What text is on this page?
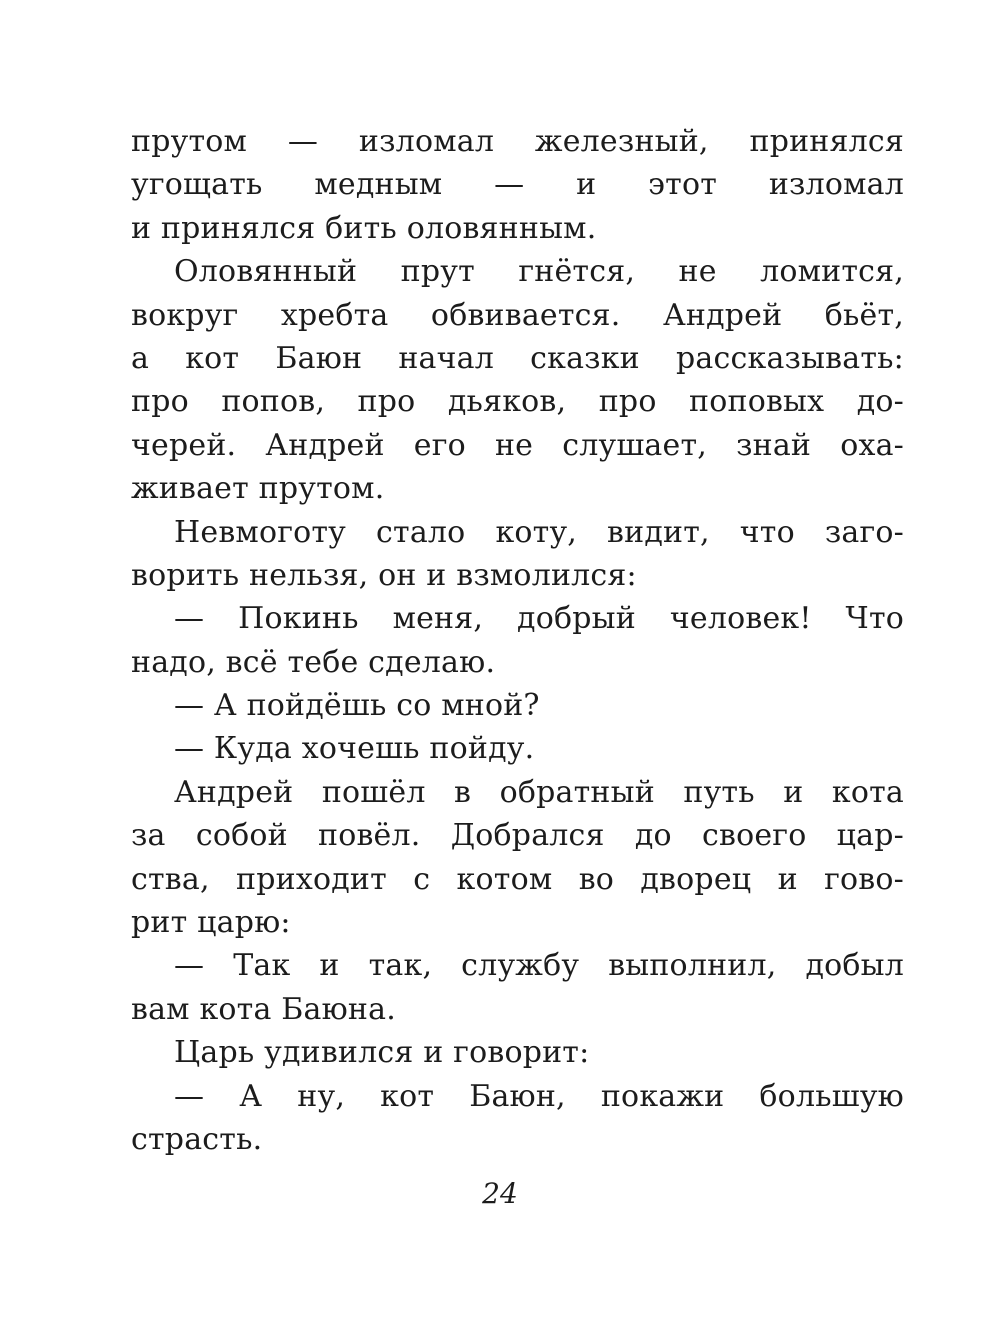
прутом — изломал железный, принялся
угощать медным — и этот изломал
и принялся бить оловянным.
Оловянный прут гнётся, не ломится,
вокруг хребта обвивается. Андрей бьёт,
а кот Баюн начал сказки рассказывать:
про попов, про дьяков, про поповых до-
черей. Андрей его не слушает, знай оха-
живает прутом.
Невмоготу стало коту, видит, что заго-
ворить нельзя, он и взмолился:
— Покинь меня, добрый человек! Что
надо, всё тебе сделаю.
— А пойдёшь со мной?
— Куда хочешь пойду.
Андрей пошёл в обратный путь и кота
за собой повёл. Добрался до своего цар-
ства, приходит с котом во дворец и гово-
рит царю:
— Так и так, службу выполнил, добыл
вам кота Баюна.
Царь удивился и говорит:
— А ну, кот Баюн, покажи большую
страсть.
24
